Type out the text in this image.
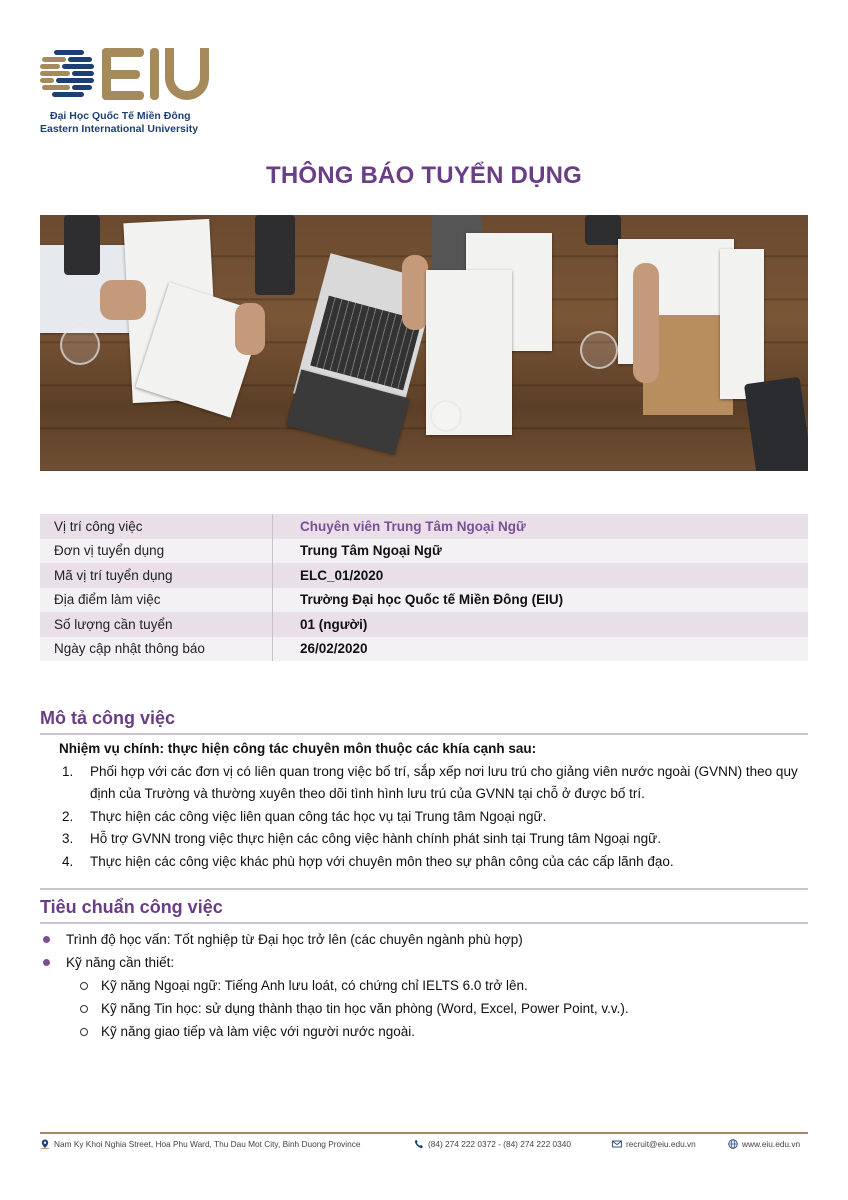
Đại Học Quốc Tế Miền Đông
Eastern International University
THÔNG BÁO TUYỂN DỤNG
Vị trí công việc	Chuyên viên Trung Tâm Ngoại Ngữ
Đơn vị tuyển dụng	Trung Tâm Ngoại Ngữ
Mã vị trí tuyển dụng	ELC_01/2020
Địa điểm làm việc	Trường Đại học Quốc tế Miền Đông (EIU)
Số lượng cần tuyển	01 (người)
Ngày cập nhật thông báo	26/02/2020
Mô tả công việc
Nhiệm vụ chính: thực hiện công tác chuyên môn thuộc các khía cạnh sau:
1.	Phối hợp với các đơn vị có liên quan trong việc bố trí, sắp xếp nơi lưu trú cho giảng viên nước ngoài (GVNN) theo quy định của Trường và thường xuyên theo dõi tình hình lưu trú của GVNN tại chỗ ở được bố trí.
2.	Thực hiện các công việc liên quan công tác học vụ tại Trung tâm Ngoại ngữ.
3.	Hỗ trợ GVNN trong việc thực hiện các công việc hành chính phát sinh tại Trung tâm Ngoại ngữ.
4.	Thực hiện các công việc khác phù hợp với chuyên môn theo sự phân công của các cấp lãnh đạo.
Tiêu chuẩn công việc
Trình độ học vấn: Tốt nghiệp từ Đại học trở lên (các chuyên ngành phù hợp)
Kỹ năng cần thiết:
Kỹ năng Ngoại ngữ: Tiếng Anh lưu loát, có chứng chỉ IELTS 6.0 trở lên.
Kỹ năng Tin học: sử dụng thành thạo tin học văn phòng (Word, Excel, Power Point, v.v.).
Kỹ năng giao tiếp và làm việc với người nước ngoài.
Nam Ky Khoi Nghia Street, Hoa Phu Ward, Thu Dau Mot City, Binh Duong Province	(84) 274 222 0372 - (84) 274 222 0340	recruit@eiu.edu.vn	www.eiu.edu.vn
